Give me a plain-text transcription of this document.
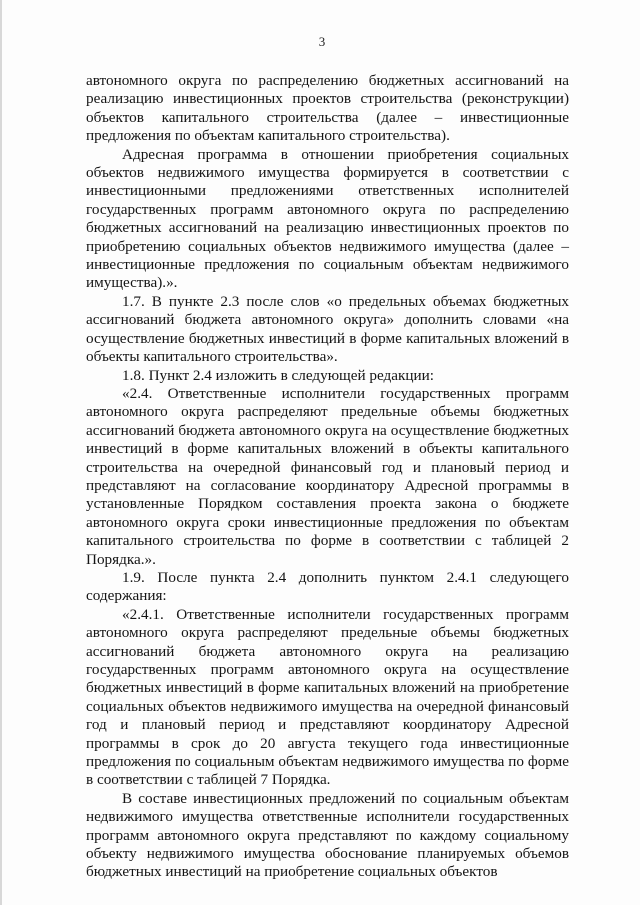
3

автономного округа по распределению бюджетных ассигнований на реализацию инвестиционных проектов строительства (реконструкции) объектов капитального строительства (далее – инвестиционные предложения по объектам капитального строительства).

Адресная программа в отношении приобретения социальных объектов недвижимого имущества формируется в соответствии с инвестиционными предложениями ответственных исполнителей государственных программ автономного округа по распределению бюджетных ассигнований на реализацию инвестиционных проектов по приобретению социальных объектов недвижимого имущества (далее – инвестиционные предложения по социальным объектам недвижимого имущества).».

1.7. В пункте 2.3 после слов «о предельных объемах бюджетных ассигнований бюджета автономного округа» дополнить словами «на осуществление бюджетных инвестиций в форме капитальных вложений в объекты капитального строительства».

1.8. Пункт 2.4 изложить в следующей редакции:

«2.4. Ответственные исполнители государственных программ автономного округа распределяют предельные объемы бюджетных ассигнований бюджета автономного округа на осуществление бюджетных инвестиций в форме капитальных вложений в объекты капитального строительства на очередной финансовый год и плановый период и представляют на согласование координатору Адресной программы в установленные Порядком составления проекта закона о бюджете автономного округа сроки инвестиционные предложения по объектам капитального строительства по форме в соответствии с таблицей 2 Порядка.».

1.9. После пункта 2.4 дополнить пунктом 2.4.1 следующего содержания:

«2.4.1. Ответственные исполнители государственных программ автономного округа распределяют предельные объемы бюджетных ассигнований бюджета автономного округа на реализацию государственных программ автономного округа на осуществление бюджетных инвестиций в форме капитальных вложений на приобретение социальных объектов недвижимого имущества на очередной финансовый год и плановый период и представляют координатору Адресной программы в срок до 20 августа текущего года инвестиционные предложения по социальным объектам недвижимого имущества по форме в соответствии с таблицей 7 Порядка.

В составе инвестиционных предложений по социальным объектам недвижимого имущества ответственные исполнители государственных программ автономного округа представляют по каждому социальному объекту недвижимого имущества обоснование планируемых объемов бюджетных инвестиций на приобретение социальных объектов
